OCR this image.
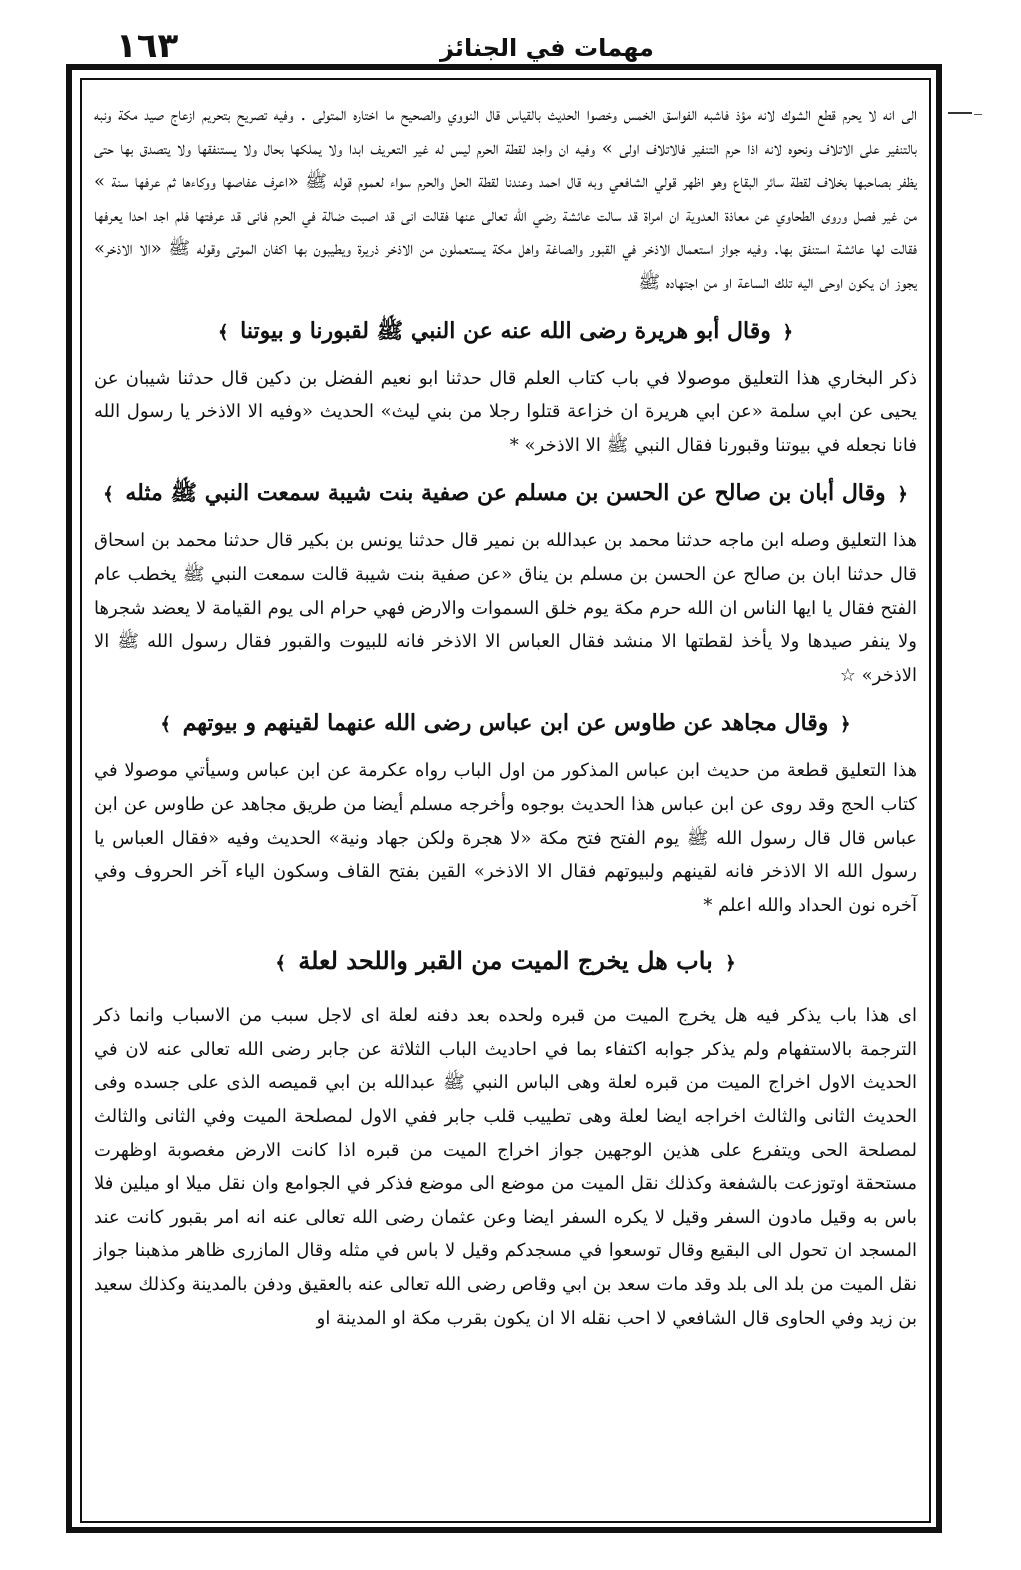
١٦٣	مهمات في الجنائز

الى انه لا يحرم قطع الشوك لانه مؤذ فاشبه الفواسق الخمس وخصوا الحديث بالقياس قال النووي والصحيح ما اختاره المتولى . وفيه تصريح بتحريم ازعاج صيد مكة ونبه بالتنفير على الاتلاف ونحوه لانه اذا حرم التنفير فالاتلاف اولى » وفيه ان واجد لقطة الحرم ليس له غير التعريف ابدا ولا يملكها بحال ولا يستنفقها ولا يتصدق بها حتى يظفر بصاحبها بخلاف لقطة سائر البقاع وهو اظهر قولي الشافعي وبه قال احمد وعندنا لقطة الحل والحرم سواء لعموم قوله ﷺ «اعرف عفاصها ووكاءها ثم عرفها سنة » من غير فصل وروى الطحاوي عن معاذة العدوية ان امراة قد سالت عائشة رضي الله تعالى عنها فقالت انى قد اصبت ضالة في الحرم فانى قد عرفتها فلم اجد احدا يعرفها فقالت لها عائشة استنفق بها. وفيه جواز استعمال الاذخر في القبور والصاغة واهل مكة يستعملون من الاذخر ذريرة ويطيبون بها اكفان الموتى وقوله ﷺ «الا الاذخر» يجوز ان يكون اوحى اليه تلك الساعة او من اجتهاده ﷺ

﴿ وقال أبو هريرة رضى الله عنه عن النبي ﷺ لقبورنا و بيوتنا ﴾

ذكر البخاري هذا التعليق موصولا في باب كتاب العلم قال حدثنا ابو نعيم الفضل بن دكين قال حدثنا شيبان عن يحيى عن ابي سلمة «عن ابي هريرة ان خزاعة قتلوا رجلا من بني ليث» الحديث «وفيه الا الاذخر يا رسول الله فانا نجعله في بيوتنا وقبورنا فقال النبي ﷺ الا الاذخر» *

﴿ وقال أبان بن صالح عن الحسن بن مسلم عن صفية بنت شيبة سمعت النبي ﷺ مثله ﴾

هذا التعليق وصله ابن ماجه حدثنا محمد بن عبدالله بن نمير قال حدثنا يونس بن بكير قال حدثنا محمد بن اسحاق قال حدثنا ابان بن صالح عن الحسن بن مسلم بن يناق «عن صفية بنت شيبة قالت سمعت النبي ﷺ يخطب عام الفتح فقال يا ايها الناس ان الله حرم مكة يوم خلق السموات والارض فهي حرام الى يوم القيامة لا يعضد شجرها ولا ينفر صيدها ولا يأخذ لقطتها الا منشد فقال العباس الا الاذخر فانه للبيوت والقبور فقال رسول الله ﷺ الا الاذخر» ☆

﴿ وقال مجاهد عن طاوس عن ابن عباس رضى الله عنهما لقينهم و بيوتهم ﴾

هذا التعليق قطعة من حديث ابن عباس المذكور من اول الباب رواه عكرمة عن ابن عباس وسيأتي موصولا في كتاب الحج وقد روى عن ابن عباس هذا الحديث بوجوه وأخرجه مسلم أيضا من طريق مجاهد عن طاوس عن ابن عباس قال قال رسول الله ﷺ يوم الفتح فتح مكة «لا هجرة ولكن جهاد ونية» الحديث وفيه «فقال العباس يا رسول الله الا الاذخر فانه لقينهم ولبيوتهم فقال الا الاذخر» القين بفتح القاف وسكون الياء آخر الحروف وفي آخره نون الحداد والله اعلم *

﴿ باب هل يخرج الميت من القبر واللحد لعلة ﴾

اى هذا باب يذكر فيه هل يخرج الميت من قبره ولحده بعد دفنه لعلة اى لاجل سبب من الاسباب وانما ذكر الترجمة بالاستفهام ولم يذكر جوابه اكتفاء بما في احاديث الباب الثلاثة عن جابر رضى الله تعالى عنه لان في الحديث الاول اخراج الميت من قبره لعلة وهى الباس النبي ﷺ عبدالله بن ابي قميصه الذى على جسده وفى الحديث الثانى والثالث اخراجه ايضا لعلة وهى تطييب قلب جابر ففي الاول لمصلحة الميت وفي الثانى والثالث لمصلحة الحى ويتفرع على هذين الوجهين جواز اخراج الميت من قبره اذا كانت الارض مغصوبة اوظهرت مستحقة اوتوزعت بالشفعة وكذلك نقل الميت من موضع الى موضع فذكر في الجوامع وان نقل ميلا او ميلين فلا باس به وقيل مادون السفر وقيل لا يكره السفر ايضا وعن عثمان رضى الله تعالى عنه انه امر بقبور كانت عند المسجد ان تحول الى البقيع وقال توسعوا في مسجدكم وقيل لا باس في مثله وقال المازرى ظاهر مذهبنا جواز نقل الميت من بلد الى بلد وقد مات سعد بن ابي وقاص رضى الله تعالى عنه بالعقيق ودفن بالمدينة وكذلك سعيد بن زيد وفي الحاوى قال الشافعي لا احب نقله الا ان يكون بقرب مكة او المدينة او
